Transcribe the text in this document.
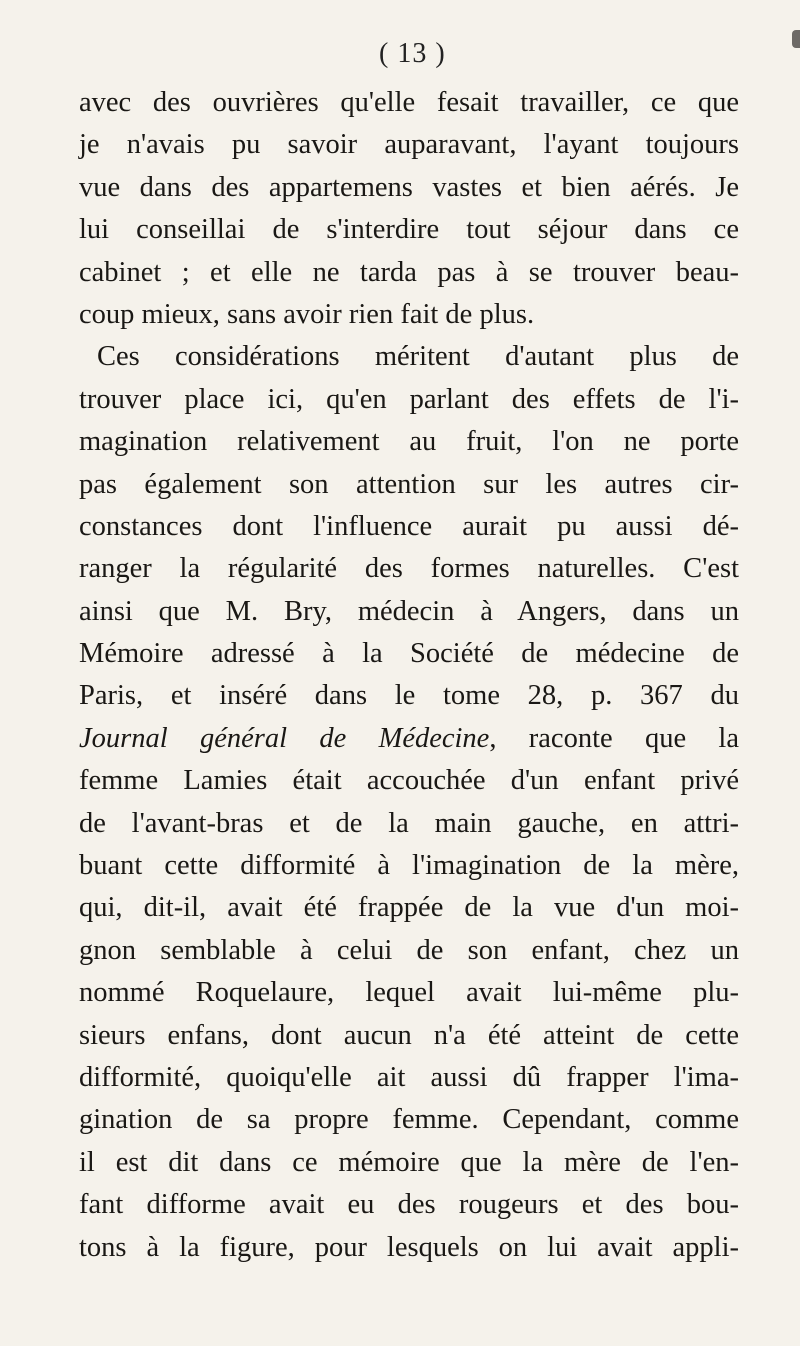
( 13 )
avec des ouvrières qu'elle fesait travailler, ce que
je n'avais pu savoir auparavant, l'ayant toujours
vue dans des appartemens vastes et bien aérés. Je
lui conseillai de s'interdire tout séjour dans ce
cabinet ; et elle ne tarda pas à se trouver beau-
coup mieux, sans avoir rien fait de plus.
Ces considérations méritent d'autant plus de
trouver place ici, qu'en parlant des effets de l'i-
magination relativement au fruit, l'on ne porte
pas également son attention sur les autres cir-
constances dont l'influence aurait pu aussi dé-
ranger la régularité des formes naturelles. C'est
ainsi que M. Bry, médecin à Angers, dans un
Mémoire adressé à la Société de médecine de
Paris, et inséré dans le tome 28, p. 367 du
Journal général de Médecine, raconte que la
femme Lamies était accouchée d'un enfant privé
de l'avant-bras et de la main gauche, en attri-
buant cette difformité à l'imagination de la mère,
qui, dit-il, avait été frappée de la vue d'un moi-
gnon semblable à celui de son enfant, chez un
nommé Roquelaure, lequel avait lui-même plu-
sieurs enfans, dont aucun n'a été atteint de cette
difformité, quoiqu'elle ait aussi dû frapper l'ima-
gination de sa propre femme. Cependant, comme
il est dit dans ce mémoire que la mère de l'en-
fant difforme avait eu des rougeurs et des bou-
tons à la figure, pour lesquels on lui avait appli-
